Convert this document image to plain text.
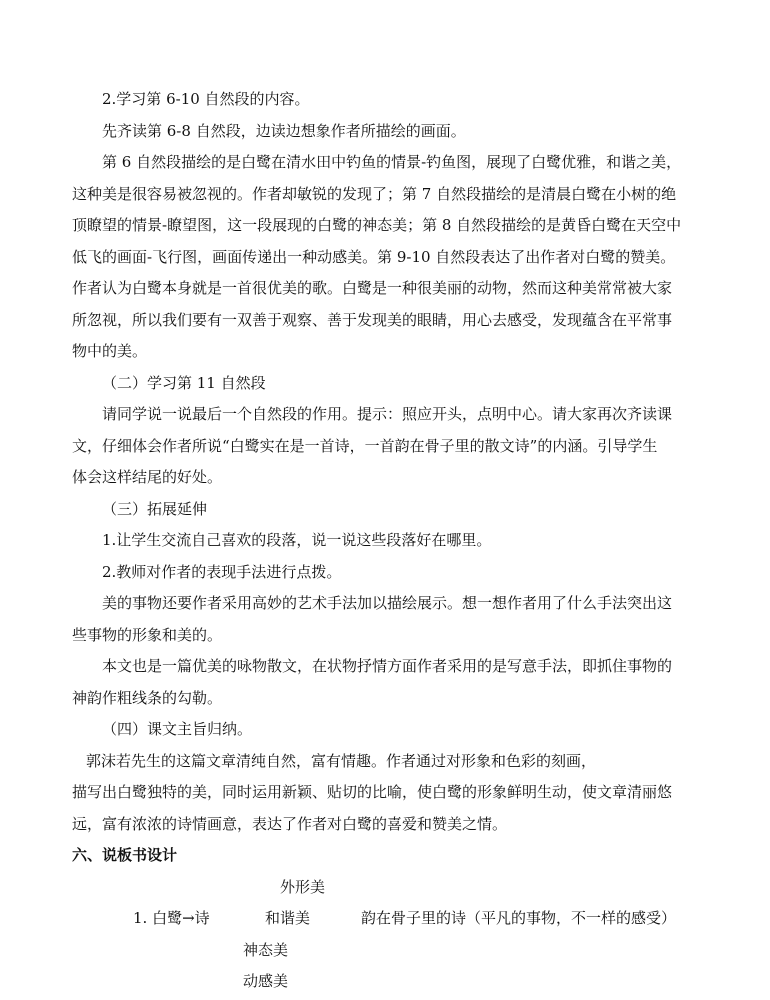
2.学习第 6-10 自然段的内容。
先齐读第 6-8 自然段，边读边想象作者所描绘的画面。
第 6 自然段描绘的是白鹭在清水田中钓鱼的情景-钓鱼图，展现了白鹭优雅，和谐之美，
这种美是很容易被忽视的。作者却敏锐的发现了；第 7 自然段描绘的是清晨白鹭在小树的绝
顶瞭望的情景-瞭望图，这一段展现的白鹭的神态美；第 8 自然段描绘的是黄昏白鹭在天空中
低飞的画面-飞行图，画面传递出一种动感美。第 9-10 自然段表达了出作者对白鹭的赞美。
作者认为白鹭本身就是一首很优美的歌。白鹭是一种很美丽的动物，然而这种美常常被大家
所忽视，所以我们要有一双善于观察、善于发现美的眼睛，用心去感受，发现蕴含在平常事
物中的美。
（二）学习第 11 自然段
请同学说一说最后一个自然段的作用。提示：照应开头，点明中心。请大家再次齐读课
文，仔细体会作者所说“白鹭实在是一首诗，一首韵在骨子里的散文诗”的内涵。引导学生
体会这样结尾的好处。
（三）拓展延伸
1.让学生交流自己喜欢的段落，说一说这些段落好在哪里。
2.教师对作者的表现手法进行点拨。
美的事物还要作者采用高妙的艺术手法加以描绘展示。想一想作者用了什么手法突出这
些事物的形象和美的。
本文也是一篇优美的咏物散文，在状物抒情方面作者采用的是写意手法，即抓住事物的
神韵作粗线条的勾勒。
（四）课文主旨归纳。
郭沫若先生的这篇文章清纯自然，富有情趣。作者通过对形象和色彩的刻画，
描写出白鹭独特的美，同时运用新颖、贴切的比喻，使白鹭的形象鲜明生动，使文章清丽悠
远，富有浓浓的诗情画意，表达了作者对白鹭的喜爱和赞美之情。
六、说板书设计
外形美
1. 白鹭→诗	和谐美	韵在骨子里的诗（平凡的事物，不一样的感受）
神态美
动感美
